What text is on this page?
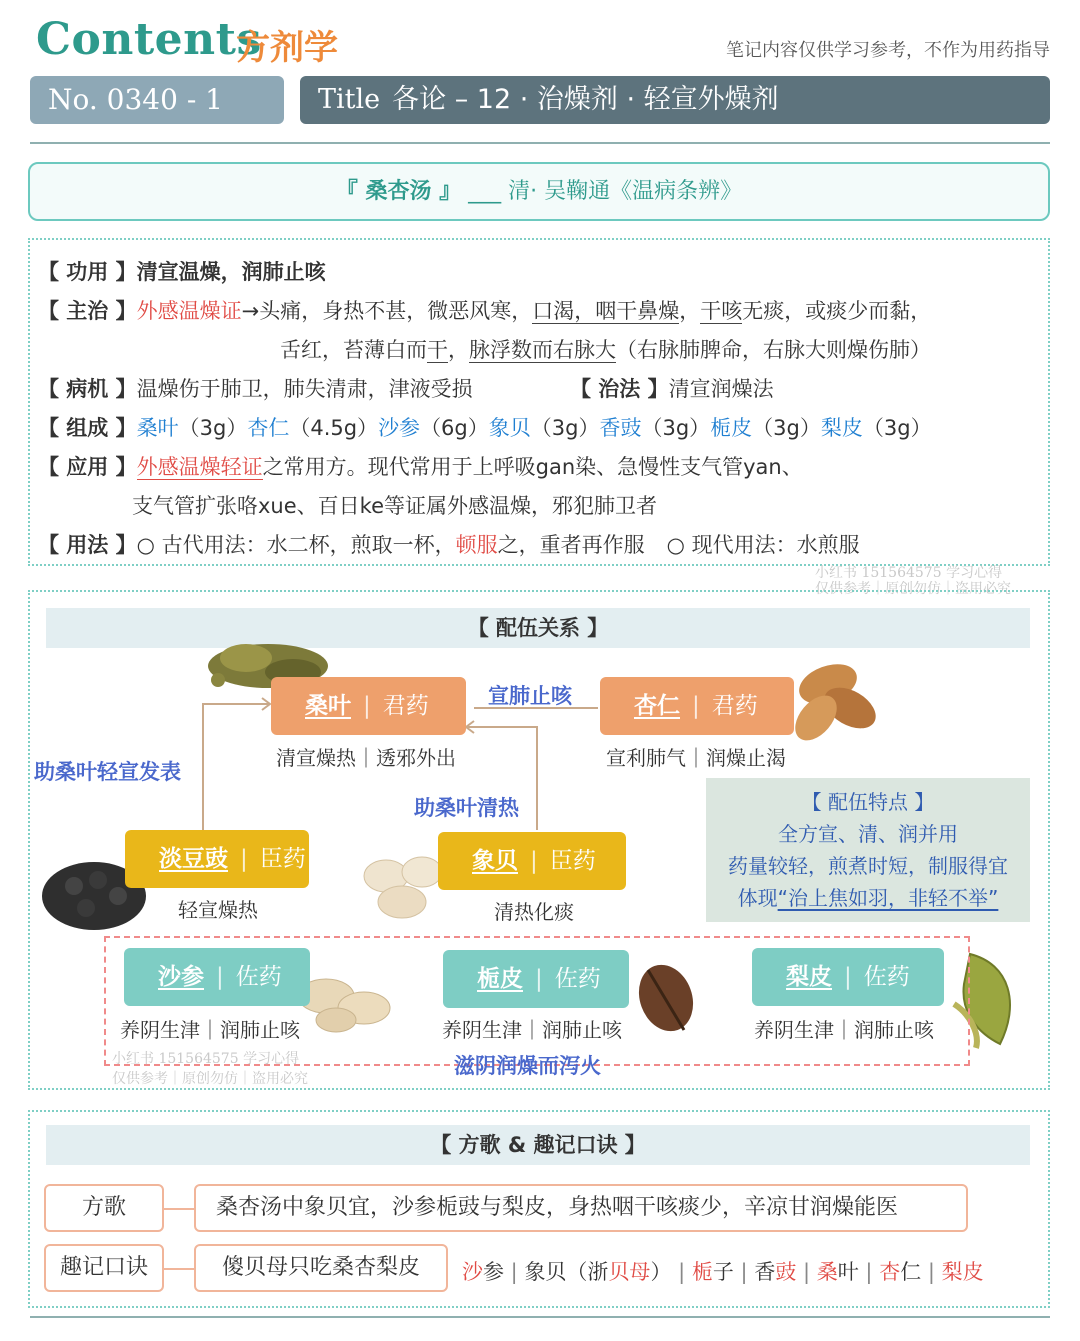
Contents
方剂学	笔记内容仅供学习参考，不作为用药指导
No. 0340 - 1	Title 各论 – 12 · 治燥剂 · 轻宣外燥剂
『 桑杏汤 』 ___ 清· 吴鞠通《温病条辨》
【 功用 】清宣温燥，润肺止咳
【 主治 】外感温燥证→头痛，身热不甚，微恶风寒，口渴，咽干鼻燥，干咳无痰，或痰少而黏，
舌红，苔薄白而干，脉浮数而右脉大（右脉肺脾命，右脉大则燥伤肺）
【 病机 】温燥伤于肺卫，肺失清肃，津液受损	【 治法 】清宣润燥法
【 组成 】桑叶（3g）杏仁（4.5g）沙参（6g）象贝（3g）香豉（3g）栀皮（3g）梨皮（3g）
【 应用 】外感温燥轻证之常用方。现代常用于上呼吸gan染、急慢性支气管yan、
支气管扩张咯xue、百日ke等证属外感温燥，邪犯肺卫者
【 用法 】○ 古代用法：水二杯，煎取一杯，顿服之，重者再作服 ○ 现代用法：水煎服
小红书 151564575 学习心得
仅供参考｜原创勿仿｜盗用必究
【 配伍关系 】
桑叶 | 君药
清宣燥热｜透邪外出
杏仁 | 君药
宣利肺气｜润燥止渴
宣肺止咳
助桑叶轻宣发表
助桑叶清热
淡豆豉 | 臣药
轻宣燥热
象贝 | 臣药
清热化痰
【 配伍特点 】
全方宣、清、润并用
药量较轻，煎煮时短，制服得宜
体现“治上焦如羽，非轻不举”
沙参 | 佐药
养阴生津｜润肺止咳
栀皮 | 佐药
养阴生津｜润肺止咳
梨皮 | 佐药
养阴生津｜润肺止咳
滋阴润燥而泻火
小红书 151564575 学习心得
仅供参考｜原创勿仿｜盗用必究
【 方歌 & 趣记口诀 】
方歌	桑杏汤中象贝宜，沙参栀豉与梨皮，身热咽干咳痰少，辛凉甘润燥能医
趣记口诀	傻贝母只吃桑杏梨皮	沙参 | 象贝（浙贝母） | 栀子 | 香豉 | 桑叶 | 杏仁 | 梨皮
